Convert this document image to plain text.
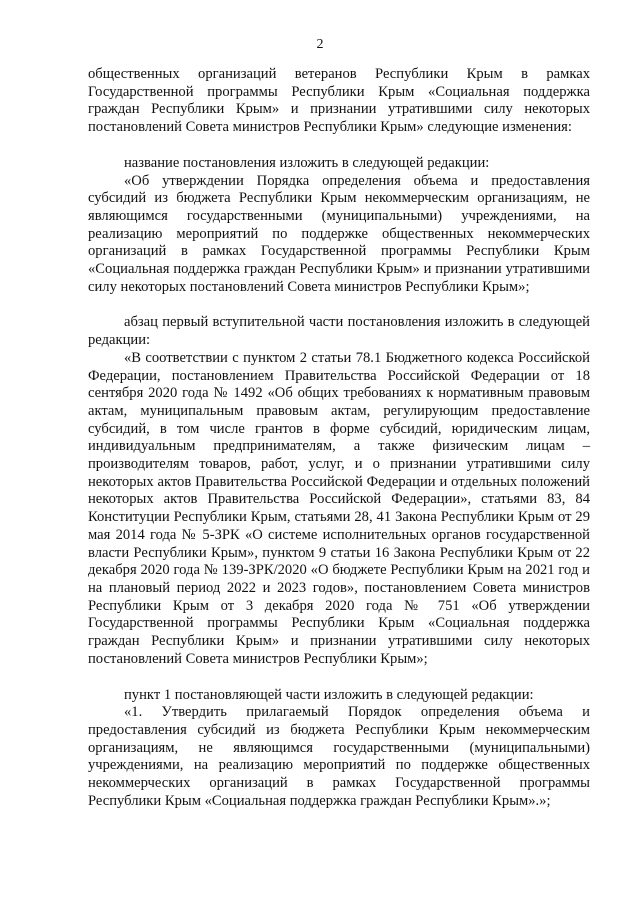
2

общественных организаций ветеранов Республики Крым в рамках Государственной программы Республики Крым «Социальная поддержка граждан Республики Крым» и признании утратившими силу некоторых постановлений Совета министров Республики Крым» следующие изменения:

название постановления изложить в следующей редакции:

«Об утверждении Порядка определения объема и предоставления субсидий из бюджета Республики Крым некоммерческим организациям, не являющимся государственными (муниципальными) учреждениями, на реализацию мероприятий по поддержке общественных некоммерческих организаций в рамках Государственной программы Республики Крым «Социальная поддержка граждан Республики Крым» и признании утратившими силу некоторых постановлений Совета министров Республики Крым»;

абзац первый вступительной части постановления изложить в следующей редакции:

«В соответствии с пунктом 2 статьи 78.1 Бюджетного кодекса Российской Федерации, постановлением Правительства Российской Федерации от 18 сентября 2020 года № 1492 «Об общих требованиях к нормативным правовым актам, муниципальным правовым актам, регулирующим предоставление субсидий, в том числе грантов в форме субсидий, юридическим лицам, индивидуальным предпринимателям, а также физическим лицам – производителям товаров, работ, услуг, и о признании утратившими силу некоторых актов Правительства Российской Федерации и отдельных положений некоторых актов Правительства Российской Федерации», статьями 83, 84 Конституции Республики Крым, статьями 28, 41 Закона Республики Крым от 29 мая 2014 года № 5-ЗРК «О системе исполнительных органов государственной власти Республики Крым», пунктом 9 статьи 16 Закона Республики Крым от 22 декабря 2020 года № 139-ЗРК/2020 «О бюджете Республики Крым на 2021 год и на плановый период 2022 и 2023 годов», постановлением Совета министров Республики Крым от 3 декабря 2020 года № 751 «Об утверждении Государственной программы Республики Крым «Социальная поддержка граждан Республики Крым» и признании утратившими силу некоторых постановлений Совета министров Республики Крым»;

пункт 1 постановляющей части изложить в следующей редакции:

«1. Утвердить прилагаемый Порядок определения объема и предоставления субсидий из бюджета Республики Крым некоммерческим организациям, не являющимся государственными (муниципальными) учреждениями, на реализацию мероприятий по поддержке общественных некоммерческих организаций в рамках Государственной программы Республики Крым «Социальная поддержка граждан Республики Крым».»;
